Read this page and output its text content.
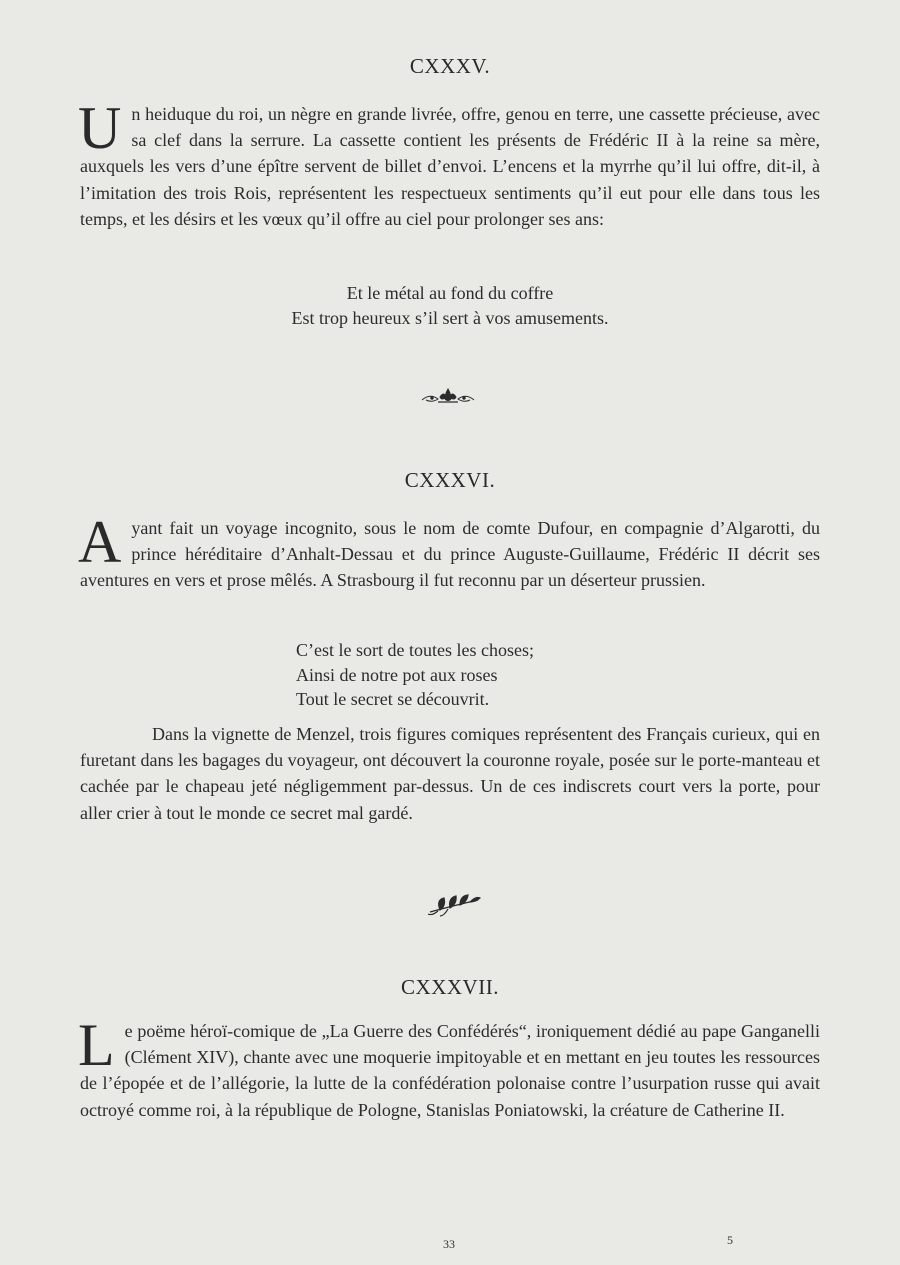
CXXXV.
Un heiduque du roi, un nègre en grande livrée, offre, genou en terre, une cassette précieuse, avec sa clef dans la serrure. La cassette contient les présents de Frédéric II à la reine sa mère, auxquels les vers d’une épître servent de billet d’envoi. L’encens et la myrrhe qu’il lui offre, dit-il, à l’imitation des trois Rois, représentent les respectueux sentiments qu’il eut pour elle dans tous les temps, et les désirs et les vœux qu’il offre au ciel pour prolonger ses ans:
Et le métal au fond du coffre
Est trop heureux s’il sert à vos amusements.
CXXXVI.
Ayant fait un voyage incognito, sous le nom de comte Dufour, en compagnie d’Algarotti, du prince héréditaire d’Anhalt-Dessau et du prince Auguste-Guillaume, Frédéric II décrit ses aventures en vers et prose mêlés. A Strasbourg il fut reconnu par un déserteur prussien.
C’est le sort de toutes les choses;
Ainsi de notre pot aux roses
Tout le secret se découvrit.
Dans la vignette de Menzel, trois figures comiques représentent des Français curieux, qui en furetant dans les bagages du voyageur, ont découvert la couronne royale, posée sur le porte-manteau et cachée par le chapeau jeté négligemment par-dessus. Un de ces indiscrets court vers la porte, pour aller crier à tout le monde ce secret mal gardé.
CXXXVII.
Le poëme héroï-comique de „La Guerre des Confédérés“, ironiquement dédié au pape Ganganelli (Clément XIV), chante avec une moquerie impitoyable et en mettant en jeu toutes les ressources de l’épopée et de l’allégorie, la lutte de la confédération polonaise contre l’usurpation russe qui avait octroyé comme roi, à la république de Pologne, Stanislas Poniatowski, la créature de Catherine II.
33	5
